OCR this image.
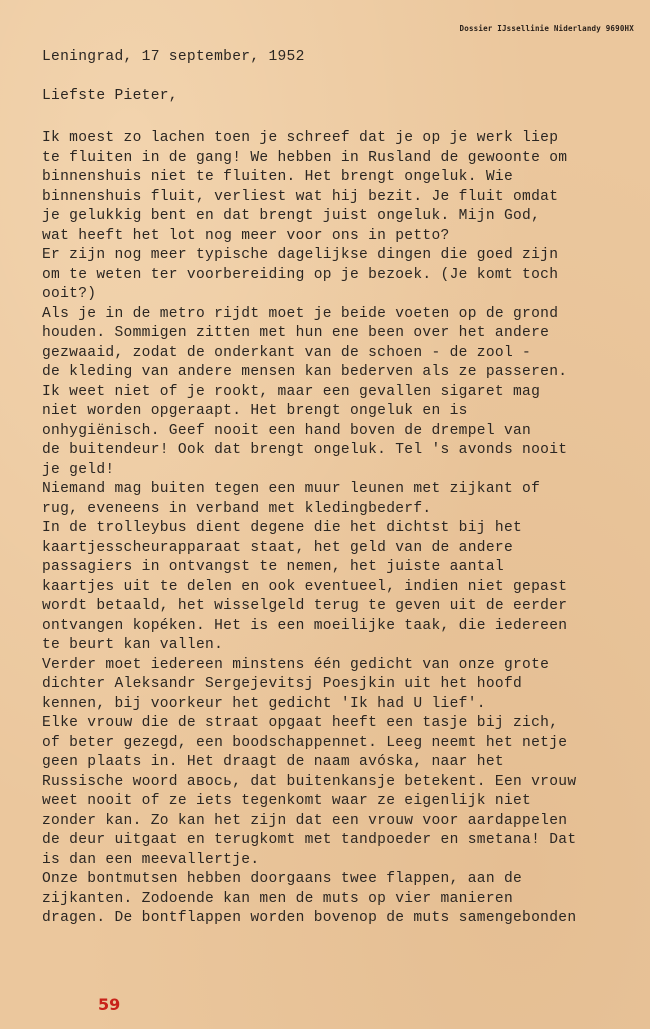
Dossier IJssellinie Niderlandy 9690HX
Leningrad, 17 september, 1952
Liefste Pieter,
Ik moest zo lachen toen je schreef dat je op je werk liep
te fluiten in de gang! We hebben in Rusland de gewoonte om
binnenshuis niet te fluiten. Het brengt ongeluk. Wie
binnenshuis fluit, verliest wat hij bezit. Je fluit omdat
je gelukkig bent en dat brengt juist ongeluk. Mijn God,
wat heeft het lot nog meer voor ons in petto?
Er zijn nog meer typische dagelijkse dingen die goed zijn
om te weten ter voorbereiding op je bezoek. (Je komt toch
ooit?)
Als je in de metro rijdt moet je beide voeten op de grond
houden. Sommigen zitten met hun ene been over het andere
gezwaaid, zodat de onderkant van de schoen - de zool -
de kleding van andere mensen kan bederven als ze passeren.
Ik weet niet of je rookt, maar een gevallen sigaret mag
niet worden opgeraapt. Het brengt ongeluk en is
onhygiënisch. Geef nooit een hand boven de drempel van
de buitendeur! Ook dat brengt ongeluk. Tel 's avonds nooit
je geld!
Niemand mag buiten tegen een muur leunen met zijkant of
rug, eveneens in verband met kledingbederf.
In de trolleybus dient degene die het dichtst bij het
kaartjesscheurapparaat staat, het geld van de andere
passagiers in ontvangst te nemen, het juiste aantal
kaartjes uit te delen en ook eventueel, indien niet gepast
wordt betaald, het wisselgeld terug te geven uit de eerder
ontvangen kopéken. Het is een moeilijke taak, die iedereen
te beurt kan vallen.
Verder moet iedereen minstens één gedicht van onze grote
dichter Aleksandr Sergejevitsj Poesjkin uit het hoofd
kennen, bij voorkeur het gedicht 'Ik had U lief'.
Elke vrouw die de straat opgaat heeft een tasje bij zich,
of beter gezegd, een boodschappennet. Leeg neemt het netje
geen plaats in. Het draagt de naam avóska, naar het
Russische woord авось, dat buitenkansje betekent. Een vrouw
weet nooit of ze iets tegenkomt waar ze eigenlijk niet
zonder kan. Zo kan het zijn dat een vrouw voor aardappelen
de deur uitgaat en terugkomt met tandpoeder en smetana! Dat
is dan een meevallertje.
Onze bontmutsen hebben doorgaans twee flappen, aan de
zijkanten. Zodoende kan men de muts op vier manieren
dragen. De bontflappen worden bovenop de muts samengebonden
59
